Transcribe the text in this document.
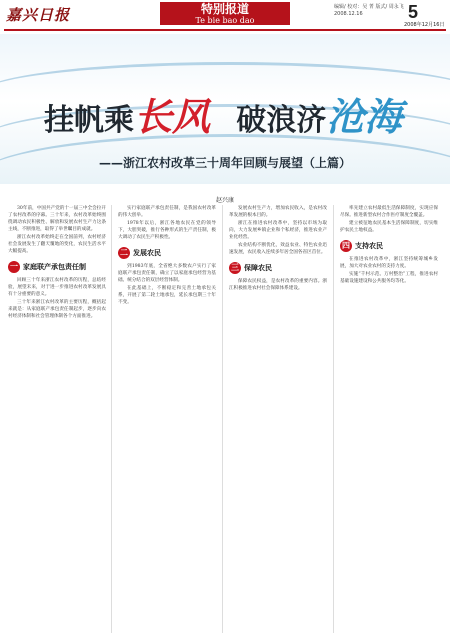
嘉兴日报	特别报道
Te bie bao dao
编辑/ 校对：吴 菁 版式/ 周永飞 2008.12.16	5
2008年12月16日
挂帆乘长风 破浪济沧海
——浙江农村改革三十周年回顾与展望（上篇）
赵兴康

30年前，中国共产党的十一届三中全会拉开了农村改革的序幕。三十年来，农村改革始终围绕调动农民积极性、解放和发展农村生产力这条主线，不断推进，取得了举世瞩目的成就。

浙江农村改革始终走在全国前列，农村经济社会发展发生了翻天覆地的变化，农民生活水平大幅提高。

一 家庭联产承包责任制

回顾三十年来浙江农村改革的历程，总结经验，展望未来，对于进一步推进农村改革发展具有十分重要的意义。

三十年来浙江农村改革的主要历程，概括起来就是：从家庭联产承包责任制起步，逐步向农村经济体制和社会管理体制各个方面推进。

实行家庭联产承包责任制，是我国农村改革的伟大创举。

1978年以后，浙江各地农民在党的领导下，大胆突破，推行各种形式的生产责任制，极大调动了农民生产积极性。

二 发展农民

到1983年底，全省绝大多数农户实行了家庭联产承包责任制，确立了以家庭承包经营为基础、统分结合的双层经营体制。

在此基础上，不断稳定和完善土地承包关系，开展了第二轮土地承包，延长承包期三十年不变。

发展农村生产力，增加农民收入，是农村改革发展的根本目的。

浙江在推进农村改革中，坚持以市场为取向，大力发展乡镇企业和个私经济，推进农业产业化经营。

农业结构不断优化，效益农业、特色农业迅速发展，农民收入连续多年居全国各省区首位。

三 保障农民

保障农民权益，是农村改革的重要内容。浙江积极推进农村社会保障体系建设。

率先建立农村最低生活保障制度，实现应保尽保。推进新型农村合作医疗制度全覆盖。

建立被征地农民基本生活保障制度，切实维护农民土地权益。

四 支持农民

在推进农村改革中，浙江坚持统筹城乡发展，加大对农业农村的支持力度。

实施“千村示范、万村整治”工程，推进农村基础设施建设和公共服务均等化。
